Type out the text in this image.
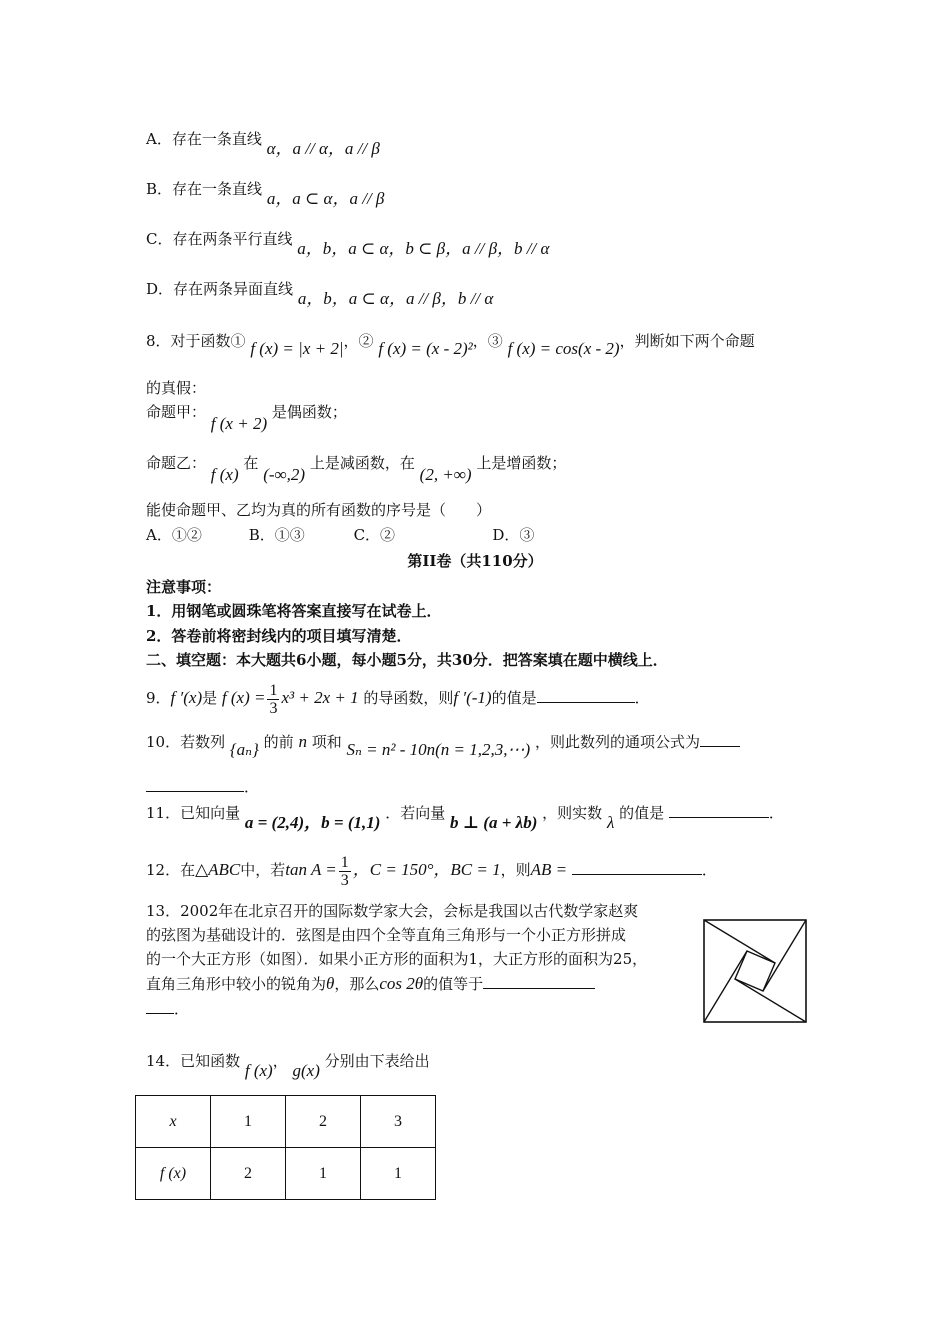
A．存在一条直线 α，a // α，a // β
B．存在一条直线 a，a ⊂ α，a // β
C．存在两条平行直线 a，b，a ⊂ α，b ⊂ β，a // β，b // α
D．存在两条异面直线 a，b，a ⊂ α，a // β，b // α
8．对于函数① f (x) = |x + 2|，② f (x) = (x - 2)²，③ f (x) = cos(x - 2)，判断如下两个命题
的真假：
命题甲： f (x + 2) 是偶函数；
命题乙： f (x) 在 (-∞,2) 上是减函数，在 (2, +∞) 上是增函数；
能使命题甲、乙均为真的所有函数的序号是（　　）
A．①②	B．①③	C．②	D．③
第II卷（共110分）
注意事项：
1．用钢笔或圆珠笔将答案直接写在试卷上．
2．答卷前将密封线内的项目填写清楚．
二、填空题：本大题共6小题，每小题5分，共30分．把答案填在题中横线上．
9．f ′(x)是 f $(x) = \frac{1}{3} x^3 + 2x + 1$ 的导函数，则f ′(-1)的值是	．
10．若数列 {aₙ} 的前 n 项和 Sₙ = n² - 10n(n = 1,2,3,⋯) ，则此数列的通项公式为
．
11．已知向量 a = (2,4)，b = (1,1) ．若向量 b ⊥ (a + λb) ，则实数 λ 的值是	．
12．在△ABC中，若$\tan A = \frac{1}{3}$ ，C = 150°，BC = 1，则AB =	．
13．2002年在北京召开的国际数学家大会，会标是我国以古代数学家赵爽
的弦图为基础设计的．弦图是由四个全等直角三角形与一个小正方形拼成
的一个大正方形（如图）．如果小正方形的面积为1，大正方形的面积为25，
直角三角形中较小的锐角为θ，那么cos 2θ的值等于
．
14．已知函数 f (x)， g(x) 分别由下表给出
x	1	2	3
f (x)	2	1	1
